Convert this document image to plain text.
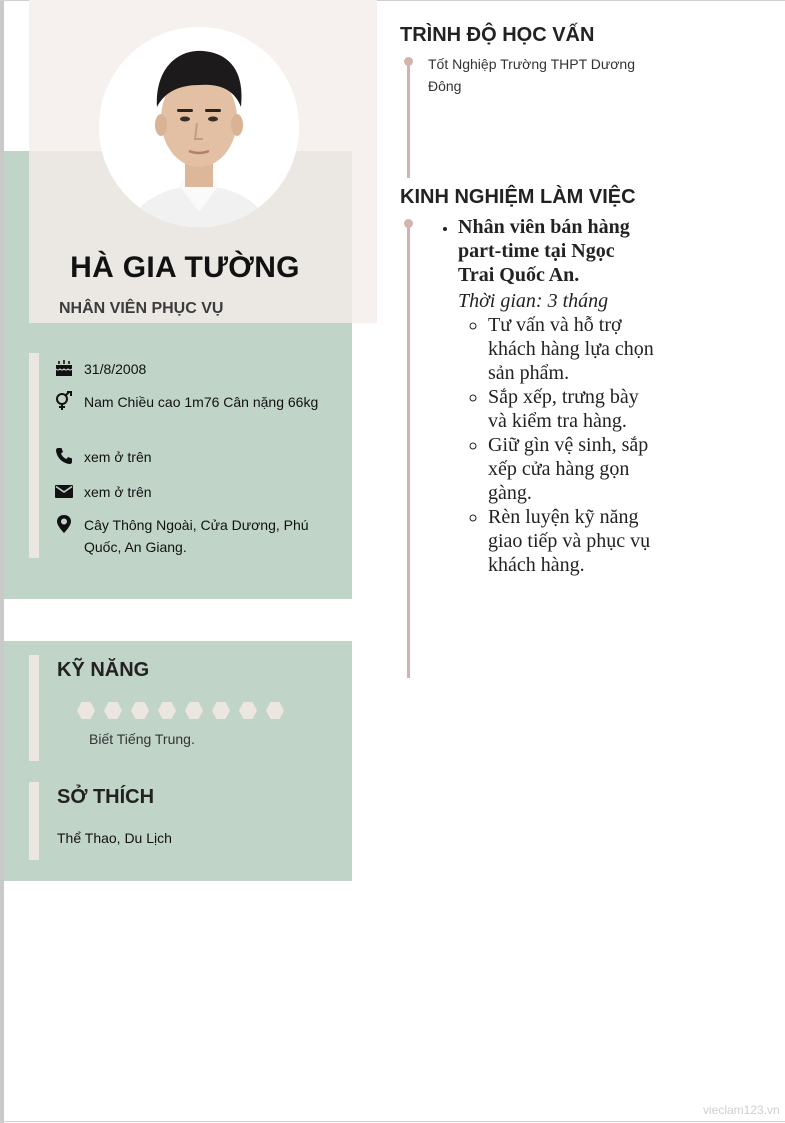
HÀ GIA TƯỜNG
NHÂN VIÊN PHỤC VỤ
31/8/2008
Nam Chiều cao 1m76 Cân nặng 66kg
xem ở trên
xem ở trên
Cây Thông Ngoài, Cửa Dương, Phú Quốc, An Giang.
KỸ NĂNG
Biết Tiếng Trung.
SỞ THÍCH
Thể Thao, Du Lịch
TRÌNH ĐỘ HỌC VẤN
Tốt Nghiệp Trường THPT Dương Đông
KINH NGHIỆM LÀM VIỆC
• Nhân viên bán hàng part-time tại Ngọc Trai Quốc An.
Thời gian: 3 tháng
◦ Tư vấn và hỗ trợ khách hàng lựa chọn sản phẩm.
◦ Sắp xếp, trưng bày và kiểm tra hàng.
◦ Giữ gìn vệ sinh, sắp xếp cửa hàng gọn gàng.
◦ Rèn luyện kỹ năng giao tiếp và phục vụ khách hàng.
vieclam123.vn
